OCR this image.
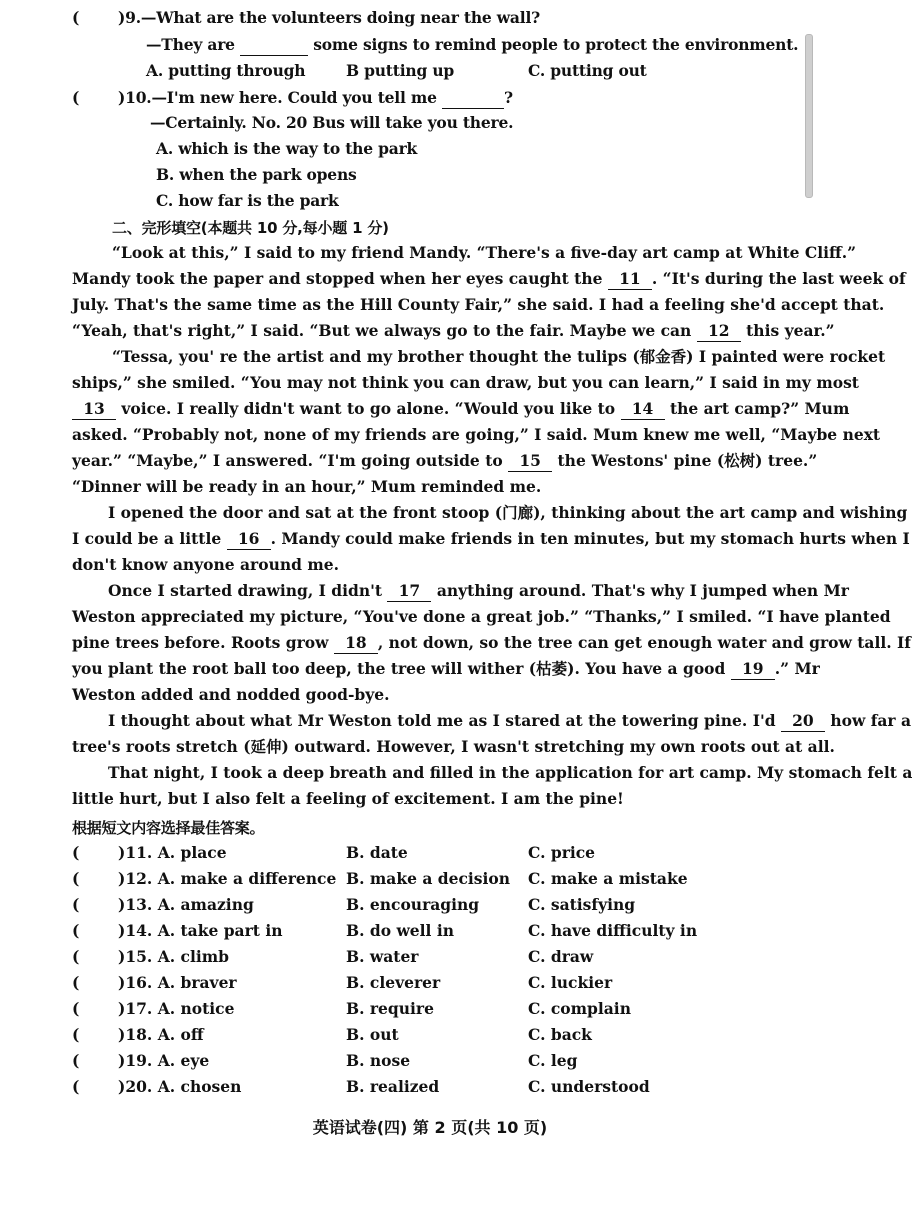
(	)9.—What are the volunteers doing near the wall?
—They are	some signs to remind people to protect the environment.
A. putting through	B putting up	C. putting out
(	)10.—I'm new here. Could you tell me	?
—Certainly. No. 20 Bus will take you there.
A. which is the way to the park
B. when the park opens
C. how far is the park
二、完形填空(本题共 10 分,每小题 1 分)
“Look at this,” I said to my friend Mandy. “There's a five-day art camp at White Cliff.”
Mandy took the paper and stopped when her eyes caught the 11 . “It's during the last week of
July. That's the same time as the Hill County Fair,” she said. I had a feeling she'd accept that.
“Yeah, that's right,” I said. “But we always go to the fair. Maybe we can 12 this year.”
“Tessa, you' re the artist and my brother thought the tulips (郁金香) I painted were rocket
ships,” she smiled. “You may not think you can draw, but you can learn,” I said in my most
13 voice. I really didn't want to go alone. “Would you like to 14 the art camp?” Mum
asked. “Probably not, none of my friends are going,” I said. Mum knew me well, “Maybe next
year.” “Maybe,” I answered. “I'm going outside to 15 the Westons' pine (松树) tree.”
“Dinner will be ready in an hour,” Mum reminded me.
I opened the door and sat at the front stoop (门廊), thinking about the art camp and wishing
I could be a little 16 . Mandy could make friends in ten minutes, but my stomach hurts when I
don't know anyone around me.
Once I started drawing, I didn't 17 anything around. That's why I jumped when Mr
Weston appreciated my picture, “You've done a great job.” “Thanks,” I smiled. “I have planted
pine trees before. Roots grow 18 , not down, so the tree can get enough water and grow tall. If
you plant the root ball too deep, the tree will wither (枯萎). You have a good 19 .” Mr
Weston added and nodded good-bye.
I thought about what Mr Weston told me as I stared at the towering pine. I'd 20 how far a
tree's roots stretch (延伸) outward. However, I wasn't stretching my own roots out at all.
That night, I took a deep breath and filled in the application for art camp. My stomach felt a
little hurt, but I also felt a feeling of excitement. I am the pine!
根据短文内容选择最佳答案。
( )11. A. place	B. date	C. price
( )12. A. make a difference B. make a decision C. make a mistake
( )13. A. amazing	B. encouraging	C. satisfying
( )14. A. take part in	B. do well in	C. have difficulty in
( )15. A. climb	B. water	C. draw
( )16. A. braver	B. cleverer	C. luckier
( )17. A. notice	B. require	C. complain
( )18. A. off	B. out	C. back
( )19. A. eye	B. nose	C. leg
( )20. A. chosen	B. realized	C. understood
英语试卷(四) 第 2 页(共 10 页)
